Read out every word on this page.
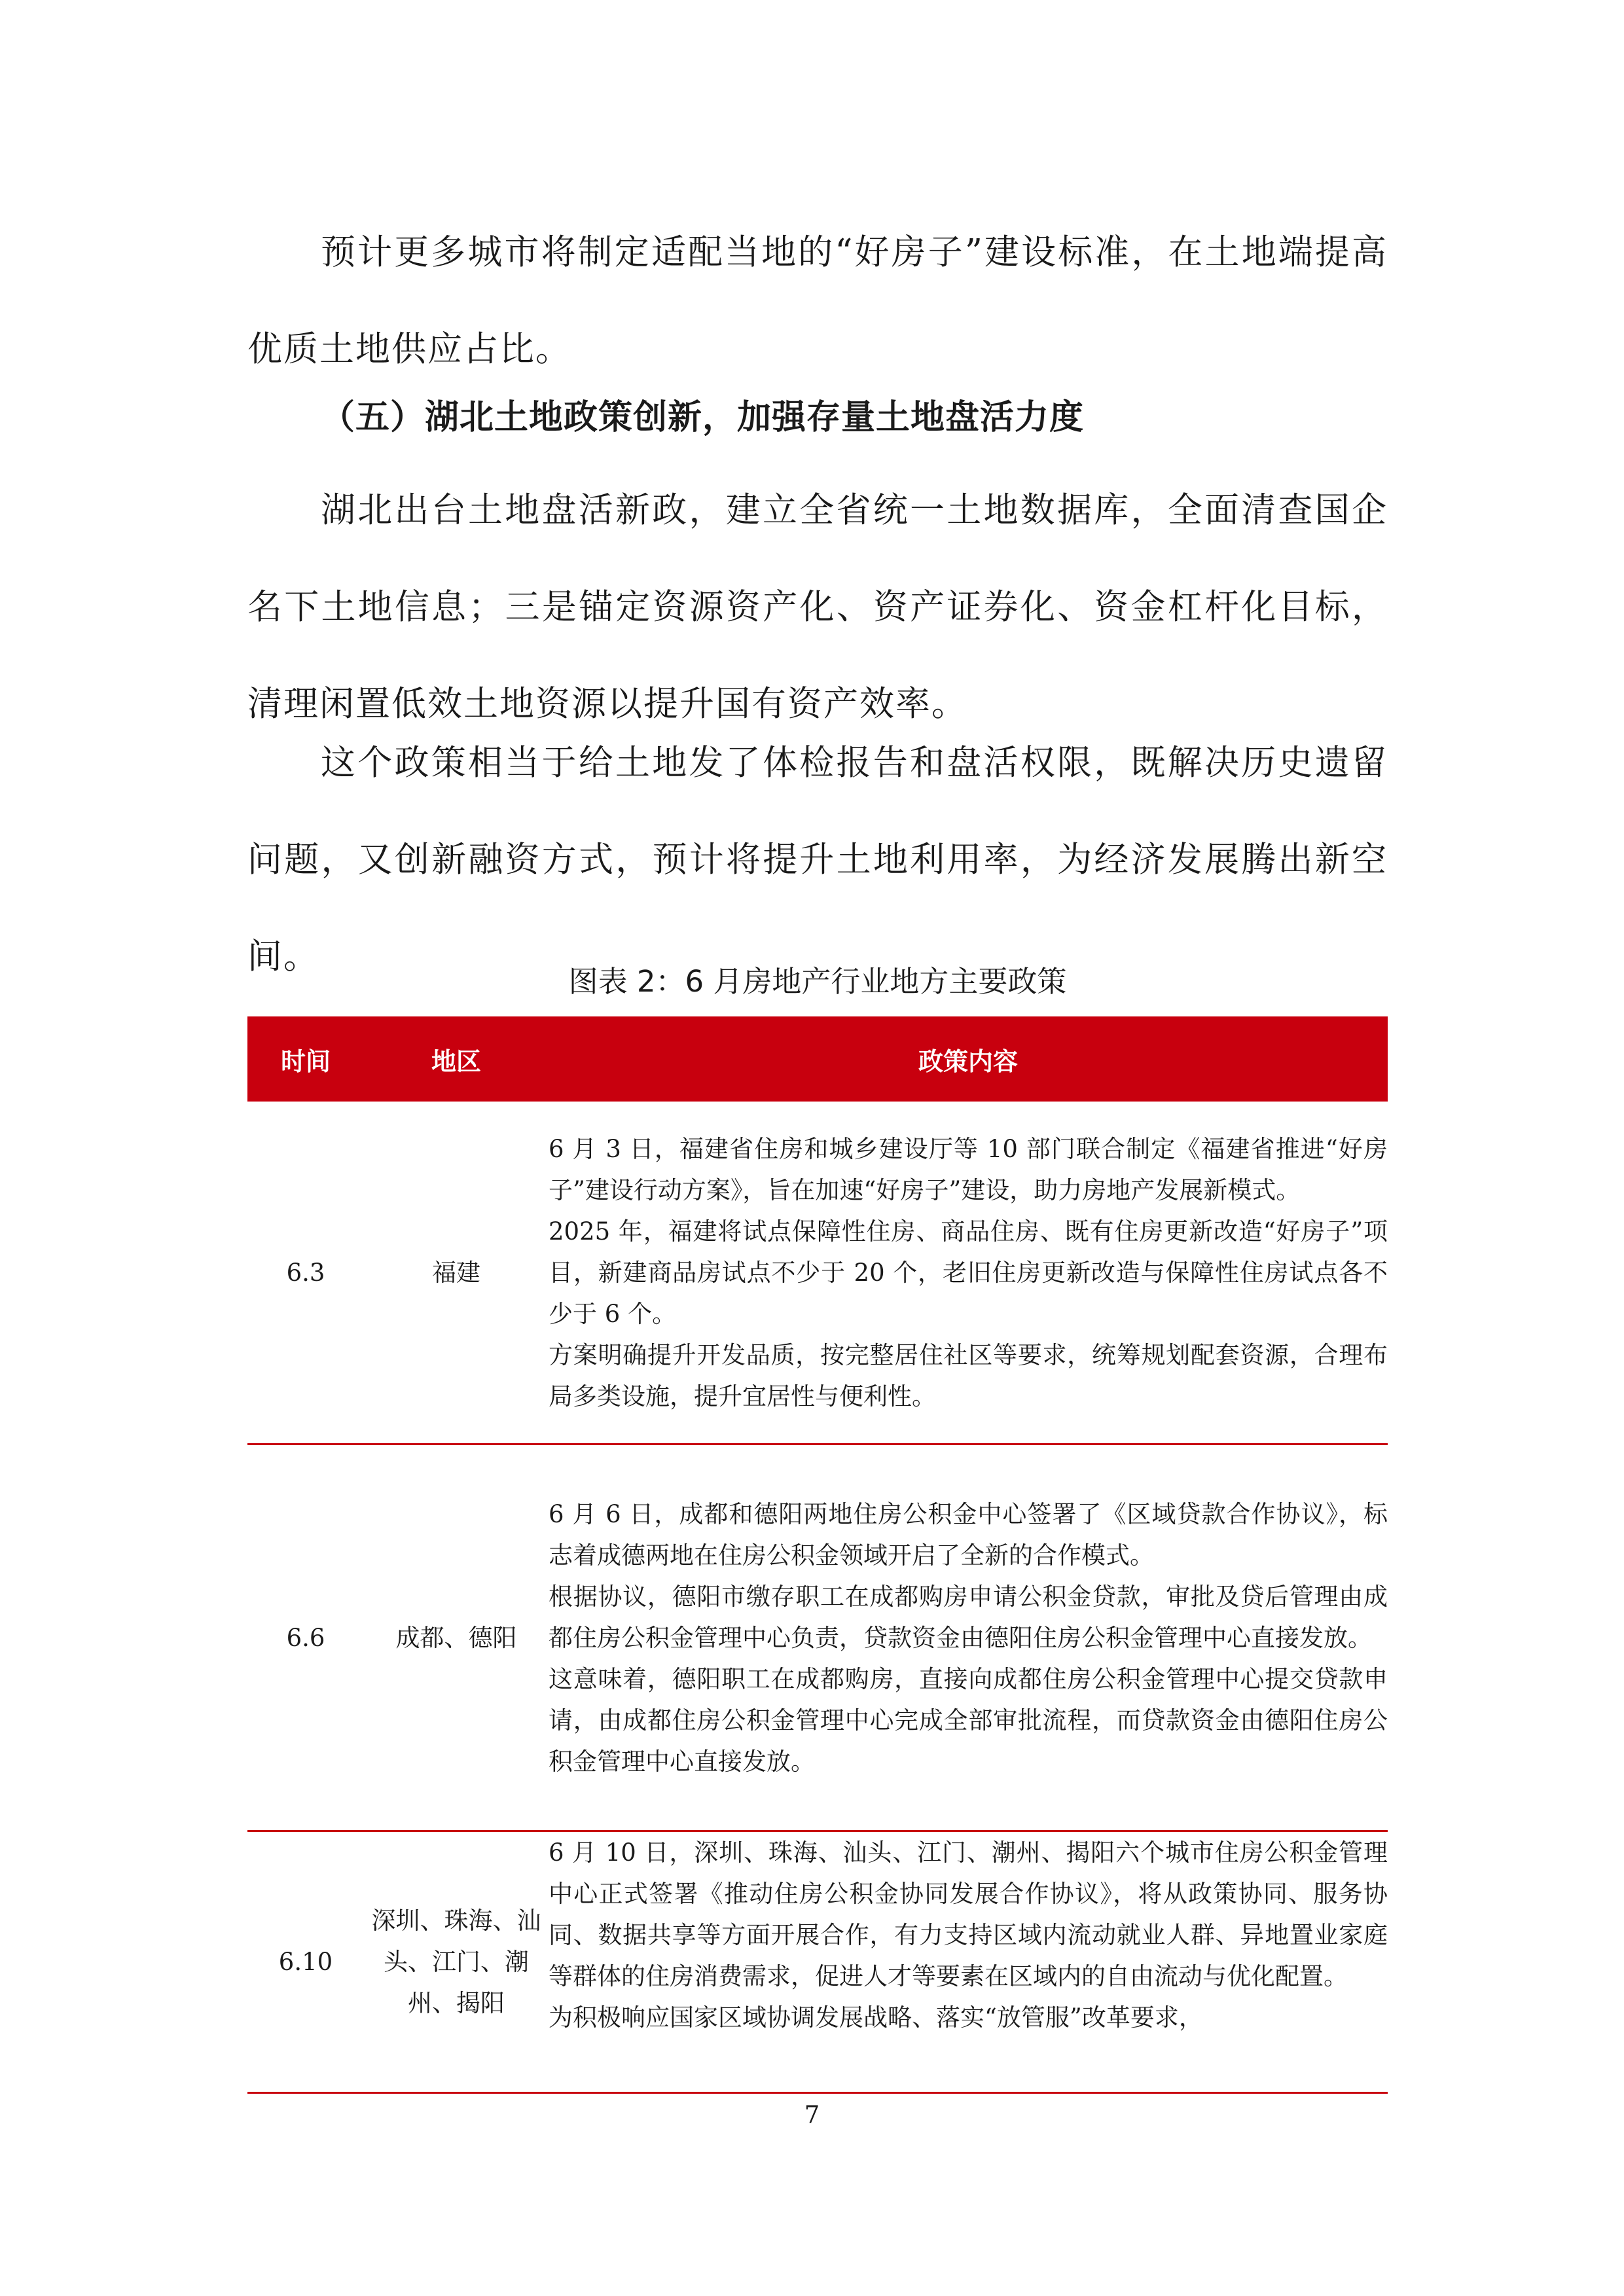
预计更多城市将制定适配当地的“好房子”建设标准，在土地端提高优质土地供应占比。

（五）湖北土地政策创新，加强存量土地盘活力度

湖北出台土地盘活新政，建立全省统一土地数据库，全面清查国企名下土地信息；三是锚定资源资产化、资产证券化、资金杠杆化目标，清理闲置低效土地资源以提升国有资产效率。

这个政策相当于给土地发了体检报告和盘活权限，既解决历史遗留问题，又创新融资方式，预计将提升土地利用率，为经济发展腾出新空间。

图表 2：6 月房地产行业地方主要政策

时间	地区	政策内容
6.3	福建	6 月 3 日，福建省住房和城乡建设厅等 10 部门联合制定《福建省推进“好房子”建设行动方案》，旨在加速“好房子”建设，助力房地产发展新模式。

2025 年，福建将试点保障性住房、商品住房、既有住房更新改造“好房子”项目，新建商品房试点不少于 20 个，老旧住房更新改造与保障性住房试点各不少于 6 个。

方案明确提升开发品质，按完整居住社区等要求，统筹规划配套资源，合理布局多类设施，提升宜居性与便利性。

6.6	成都、德阳	6 月 6 日，成都和德阳两地住房公积金中心签署了《区域贷款合作协议》，标志着成德两地在住房公积金领域开启了全新的合作模式。

根据协议，德阳市缴存职工在成都购房申请公积金贷款，审批及贷后管理由成都住房公积金管理中心负责，贷款资金由德阳住房公积金管理中心直接发放。

这意味着，德阳职工在成都购房，直接向成都住房公积金管理中心提交贷款申请，由成都住房公积金管理中心完成全部审批流程，而贷款资金由德阳住房公积金管理中心直接发放。

6.10	深圳、珠海、汕头、江门、潮州、揭阳	6 月 10 日，深圳、珠海、汕头、江门、潮州、揭阳六个城市住房公积金管理中心正式签署《推动住房公积金协同发展合作协议》，将从政策协同、服务协同、数据共享等方面开展合作，有力支持区域内流动就业人群、异地置业家庭等群体的住房消费需求，促进人才等要素在区域内的自由流动与优化配置。

为积极响应国家区域协调发展战略、落实“放管服”改革要求，

7
